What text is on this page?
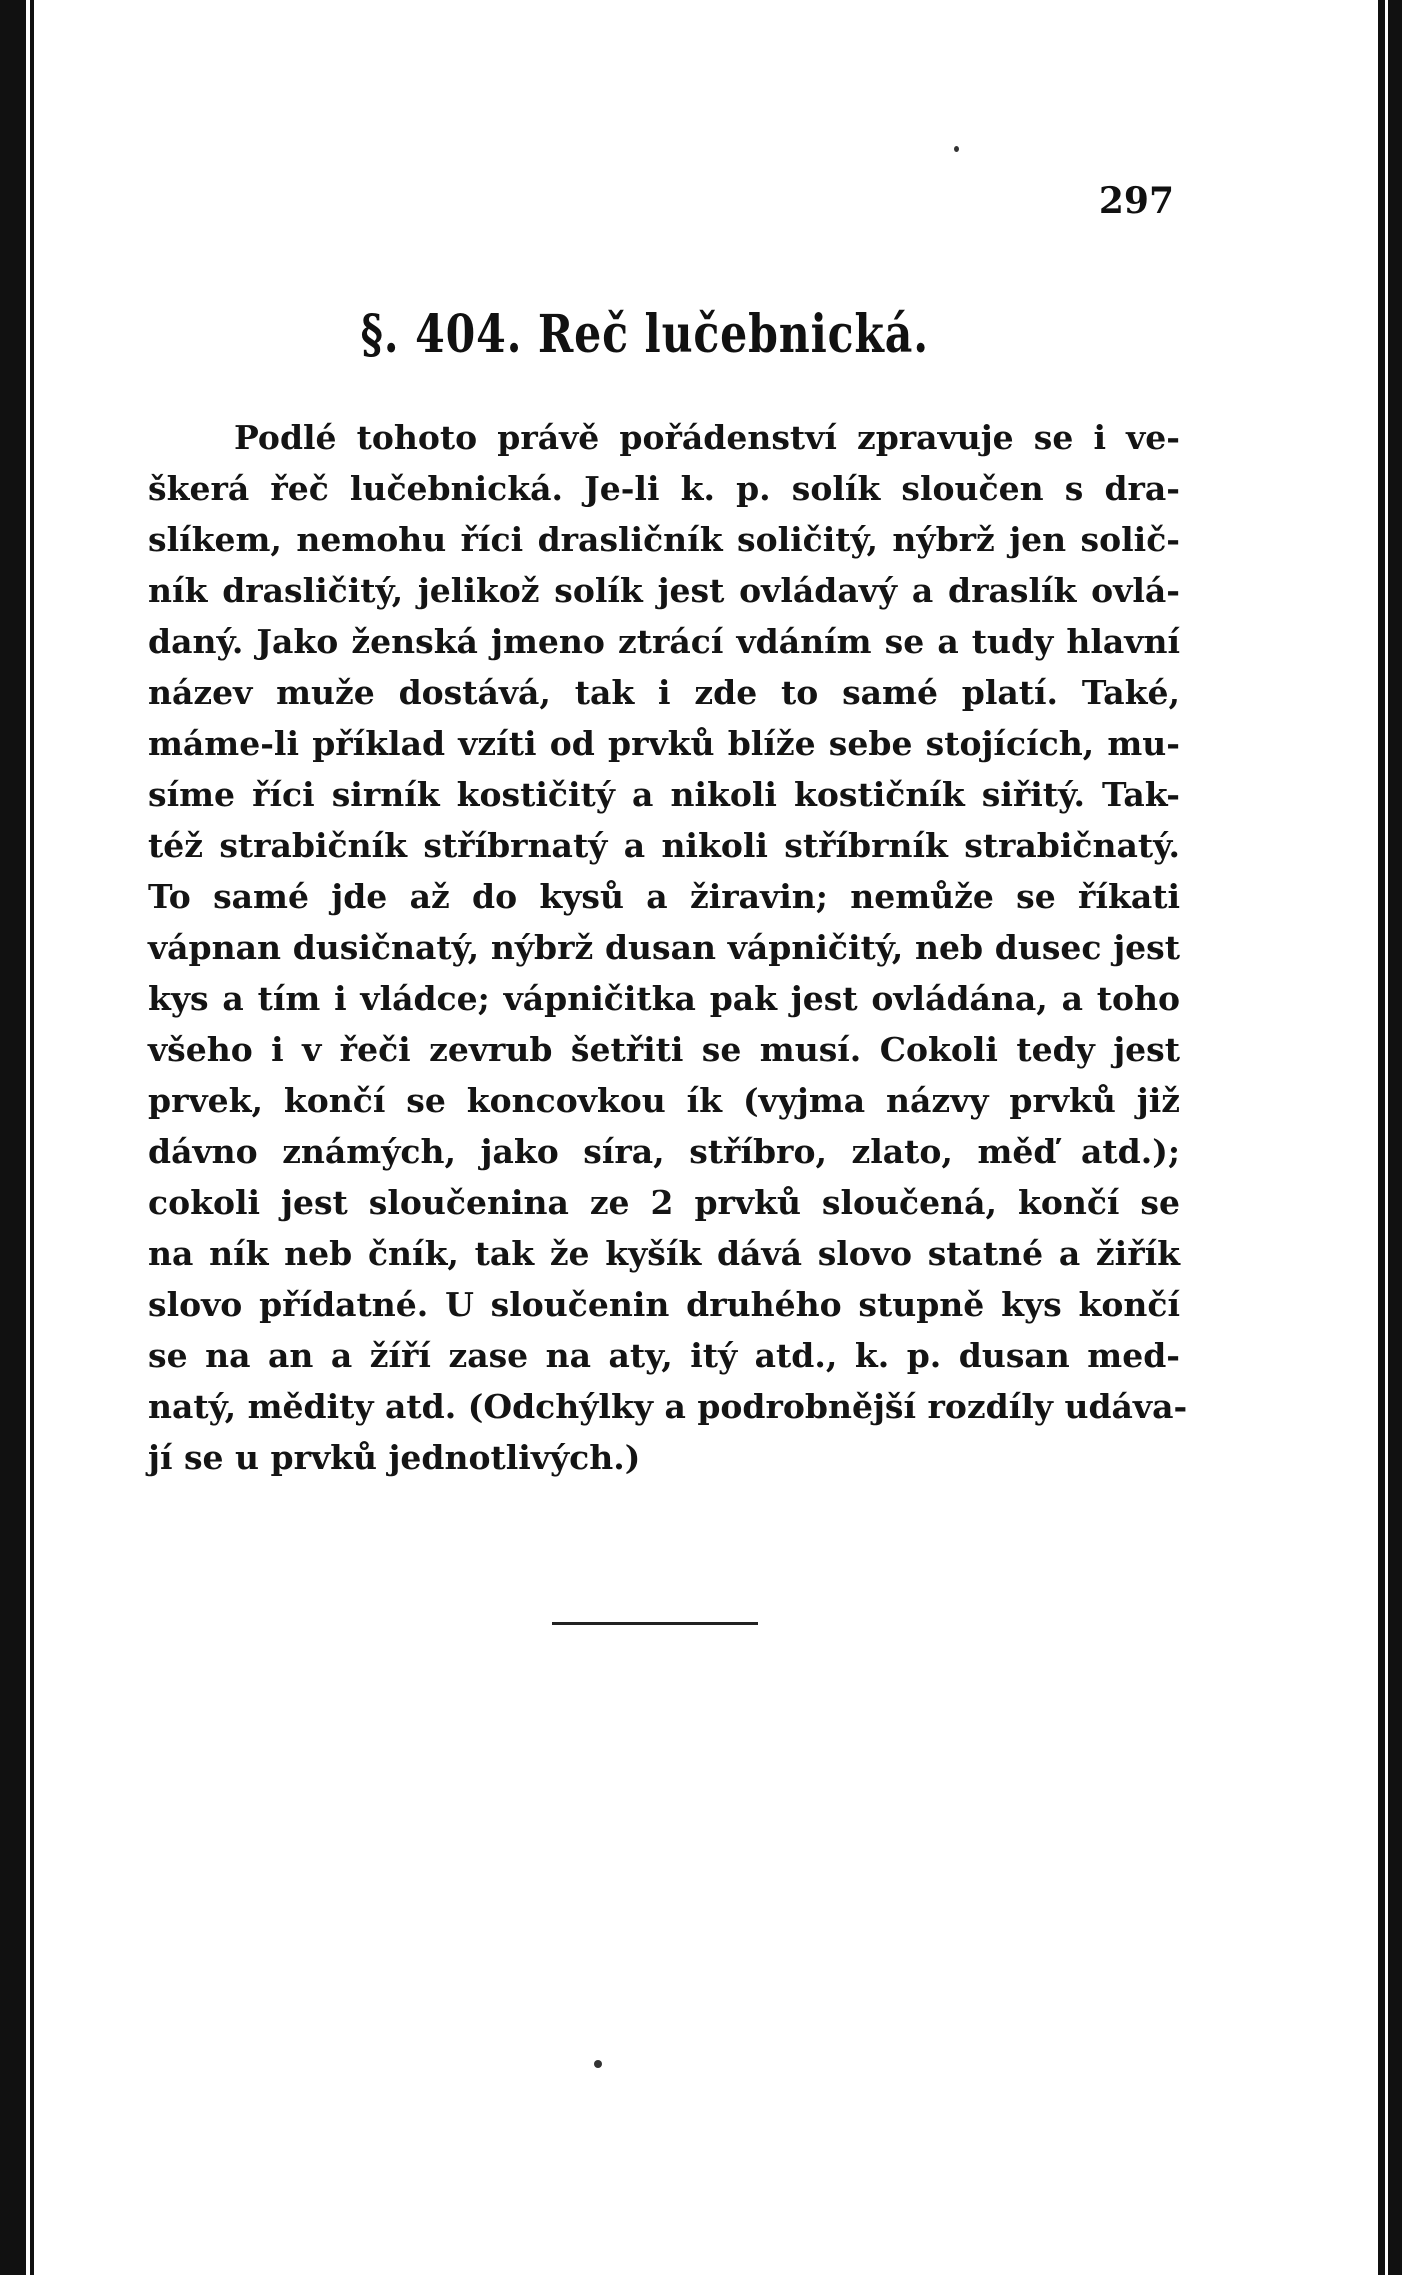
297
§. 404. Reč lučebnická.
Podlé tohoto právě pořádenství zpravuje se i ve-
škerá řeč lučebnická. Je-li k. p. solík sloučen s dra-
slíkem, nemohu říci drasličník soličitý, nýbrž jen solič-
ník drasličitý, jelikož solík jest ovládavý a draslík ovlá-
daný. Jako ženská jmeno ztrácí vdáním se a tudy hlavní
název muže dostává, tak i zde to samé platí. Také,
máme-li příklad vzíti od prvků blíže sebe stojících, mu-
síme říci sirník kostičitý a nikoli kostičník siřitý. Tak-
též strabičník stříbrnatý a nikoli stříbrník strabičnatý.
To samé jde až do kysů a žiravin; nemůže se říkati
vápnan dusičnatý, nýbrž dusan vápničitý, neb dusec jest
kys a tím i vládce; vápničitka pak jest ovládána, a toho
všeho i v řeči zevrub šetřiti se musí. Cokoli tedy jest
prvek, končí se koncovkou ík (vyjma názvy prvků již
dávno známých, jako síra, stříbro, zlato, měď atd.);
cokoli jest sloučenina ze 2 prvků sloučená, končí se
na ník neb čník, tak že kyšík dává slovo statné a žiřík
slovo přídatné. U sloučenin druhého stupně kys končí
se na an a žíří zase na aty, itý atd., k. p. dusan med-
natý, mědity atd. (Odchýlky a podrobnější rozdíly udáva-
jí se u prvků jednotlivých.)
